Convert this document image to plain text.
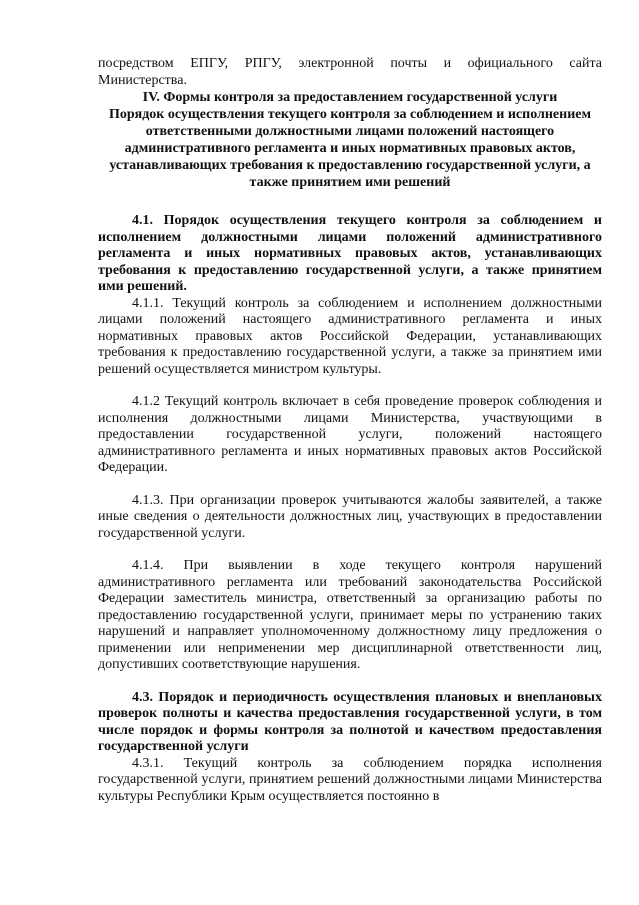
посредством ЕПГУ, РПГУ, электронной почты и официального сайта Министерства.

IV. Формы контроля за предоставлением государственной услуги

Порядок осуществления текущего контроля за соблюдением и исполнением ответственными должностными лицами положений настоящего административного регламента и иных нормативных правовых актов, устанавливающих требования к предоставлению государственной услуги, а также принятием ими решений

4.1. Порядок осуществления текущего контроля за соблюдением и исполнением должностными лицами положений административного регламента и иных нормативных правовых актов, устанавливающих требования к предоставлению государственной услуги, а также принятием ими решений.

4.1.1. Текущий контроль за соблюдением и исполнением должностными лицами положений настоящего административного регламента и иных нормативных правовых актов Российской Федерации, устанавливающих требования к предоставлению государственной услуги, а также за принятием ими решений осуществляется министром культуры.

4.1.2 Текущий контроль включает в себя проведение проверок соблюдения и исполнения должностными лицами Министерства, участвующими в предоставлении государственной услуги, положений настоящего административного регламента и иных нормативных правовых актов Российской Федерации.

4.1.3. При организации проверок учитываются жалобы заявителей, а также иные сведения о деятельности должностных лиц, участвующих в предоставлении государственной услуги.

4.1.4. При выявлении в ходе текущего контроля нарушений административного регламента или требований законодательства Российской Федерации заместитель министра, ответственный за организацию работы по предоставлению государственной услуги, принимает меры по устранению таких нарушений и направляет уполномоченному должностному лицу предложения о применении или неприменении мер дисциплинарной ответственности лиц, допустивших соответствующие нарушения.

4.3. Порядок и периодичность осуществления плановых и внеплановых проверок полноты и качества предоставления государственной услуги, в том числе порядок и формы контроля за полнотой и качеством предоставления государственной услуги

4.3.1. Текущий контроль за соблюдением порядка исполнения государственной услуги, принятием решений должностными лицами Министерства культуры Республики Крым осуществляется постоянно в
